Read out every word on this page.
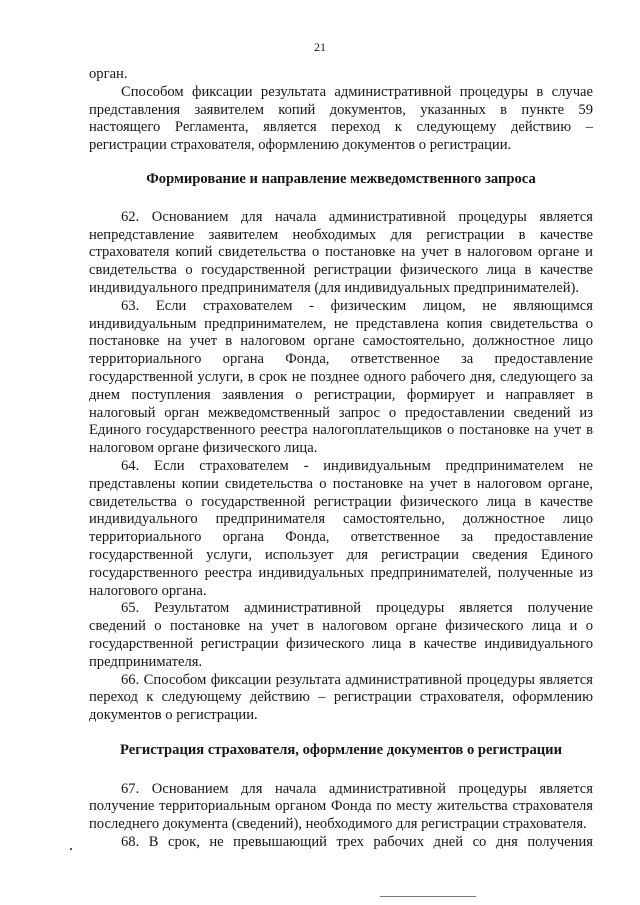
21

орган.

Способом фиксации результата административной процедуры в случае представления заявителем копий документов, указанных в пункте 59 настоящего Регламента, является переход к следующему действию – регистрации страхователя, оформлению документов о регистрации.

Формирование и направление межведомственного запроса

62. Основанием для начала административной процедуры является непредставление заявителем необходимых для регистрации в качестве страхователя копий свидетельства о постановке на учет в налоговом органе и свидетельства о государственной регистрации физического лица в качестве индивидуального предпринимателя (для индивидуальных предпринимателей).

63. Если страхователем - физическим лицом, не являющимся индивидуальным предпринимателем, не представлена копия свидетельства о постановке на учет в налоговом органе самостоятельно, должностное лицо территориального органа Фонда, ответственное за предоставление государственной услуги, в срок не позднее одного рабочего дня, следующего за днем поступления заявления о регистрации, формирует и направляет в налоговый орган межведомственный запрос о предоставлении сведений из Единого государственного реестра налогоплательщиков о постановке на учет в налоговом органе физического лица.

64. Если страхователем - индивидуальным предпринимателем не представлены копии свидетельства о постановке на учет в налоговом органе, свидетельства о государственной регистрации физического лица в качестве индивидуального предпринимателя самостоятельно, должностное лицо территориального органа Фонда, ответственное за предоставление государственной услуги, использует для регистрации сведения Единого государственного реестра индивидуальных предпринимателей, полученные из налогового органа.

65. Результатом административной процедуры является получение сведений о постановке на учет в налоговом органе физического лица и о государственной регистрации физического лица в качестве индивидуального предпринимателя.

66. Способом фиксации результата административной процедуры является переход к следующему действию – регистрации страхователя, оформлению документов о регистрации.

Регистрация страхователя, оформление документов о регистрации

67. Основанием для начала административной процедуры является получение территориальным органом Фонда по месту жительства страхователя последнего документа (сведений), необходимого для регистрации страхователя.

68. В срок, не превышающий трех рабочих дней со дня получения
